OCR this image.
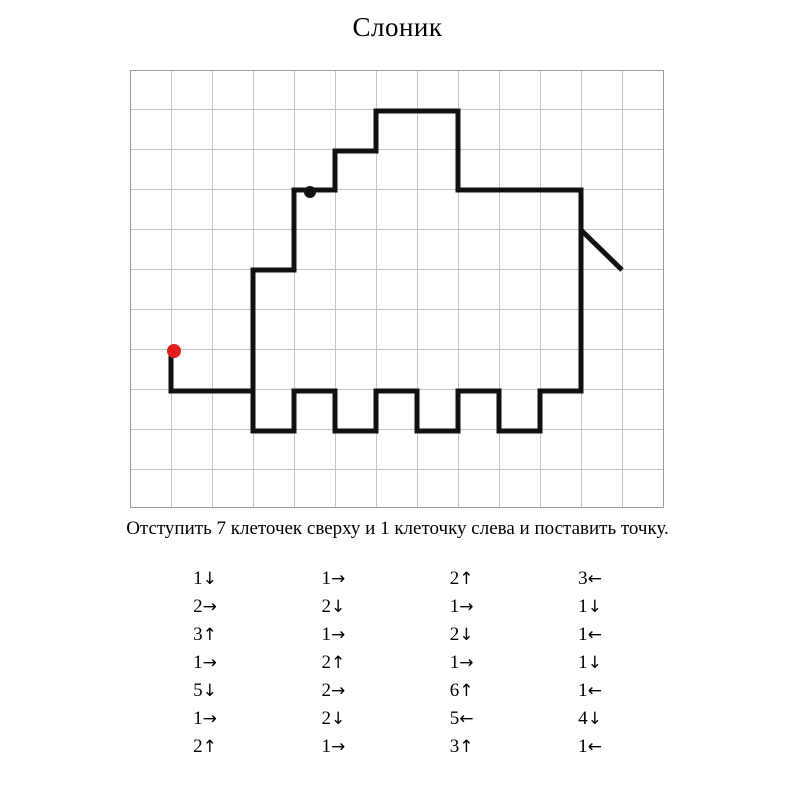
Слоник
Отступить 7 клеточек сверху и 1 клеточку слева и поставить точку.
1↓
2→
3↑
1→
5↓
1→
2↑
1→
2↓
1→
2↑
2→
2↓
1→
2↑
1→
2↓
1→
6↑
5←
3↑
3←
1↓
1←
1↓
1←
4↓
1←
